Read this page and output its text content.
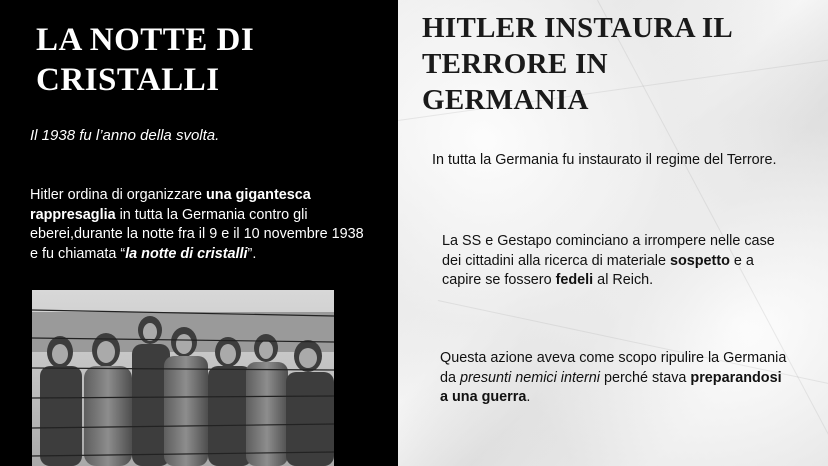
LA NOTTE DI
CRISTALLI

Il 1938 fu l’anno della svolta.

Hitler ordina di organizzare una gigantesca rappresaglia in tutta la Germania contro gli eberei,durante la notte fra il 9 e il 10 novembre 1938 e fu chiamata “la notte di cristalli”.

HITLER INSTAURA IL
TERRORE IN
GERMANIA

In tutta la Germania fu instaurato il regime del Terrore.

La SS e Gestapo cominciano a irrompere nelle case dei cittadini alla ricerca di materiale sospetto e a capire se fossero fedeli al Reich.

Questa azione aveva come scopo ripulire la Germania da presunti nemici interni perché stava preparandosi a una guerra.
